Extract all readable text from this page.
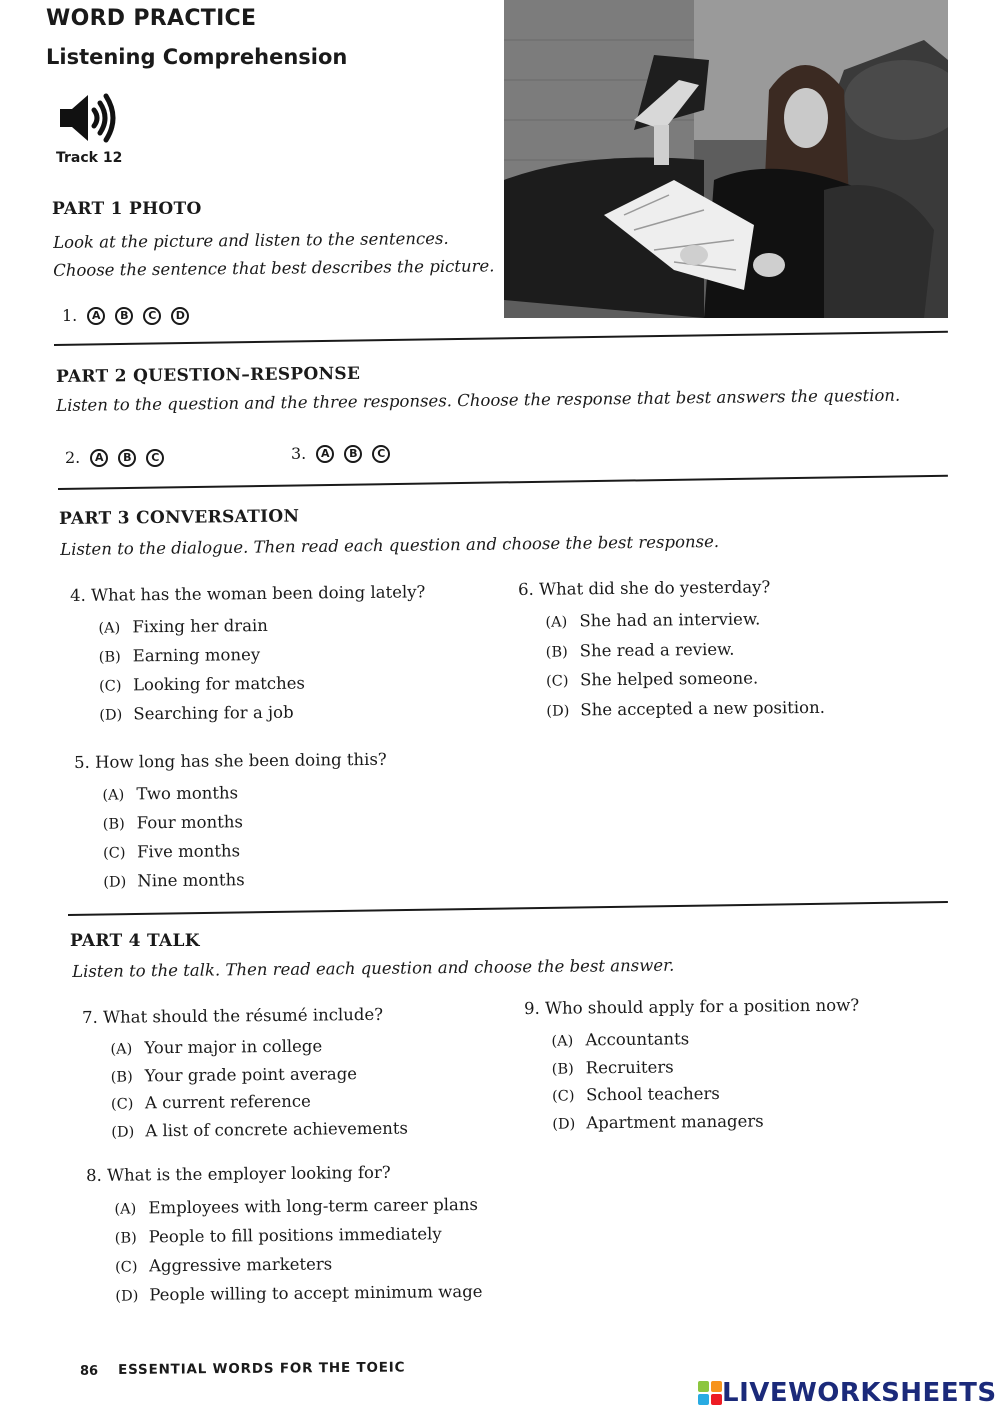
WORD PRACTICE
Listening Comprehension
Track 12
PART 1 PHOTO
Look at the picture and listen to the sentences.
Choose the sentence that best describes the picture.
1.	A	B	C	D
PART 2 QUESTION–RESPONSE
Listen to the question and the three responses. Choose the response that best answers the question.
2.	A	B	C	3.	A	B	C
PART 3 CONVERSATION
Listen to the dialogue. Then read each question and choose the best response.
4. What has the woman been doing lately?
(A) Fixing her drain
(B) Earning money
(C) Looking for matches
(D) Searching for a job
5. How long has she been doing this?
(A) Two months
(B) Four months
(C) Five months
(D) Nine months
6. What did she do yesterday?
(A) She had an interview.
(B) She read a review.
(C) She helped someone.
(D) She accepted a new position.
PART 4 TALK
Listen to the talk. Then read each question and choose the best answer.
7. What should the résumé include?
(A) Your major in college
(B) Your grade point average
(C) A current reference
(D) A list of concrete achievements
8. What is the employer looking for?
(A) Employees with long-term career plans
(B) People to fill positions immediately
(C) Aggressive marketers
(D) People willing to accept minimum wage
9. Who should apply for a position now?
(A) Accountants
(B) Recruiters
(C) School teachers
(D) Apartment managers
86 ESSENTIAL WORDS FOR THE TOEIC
LIVEWORKSHEETS
